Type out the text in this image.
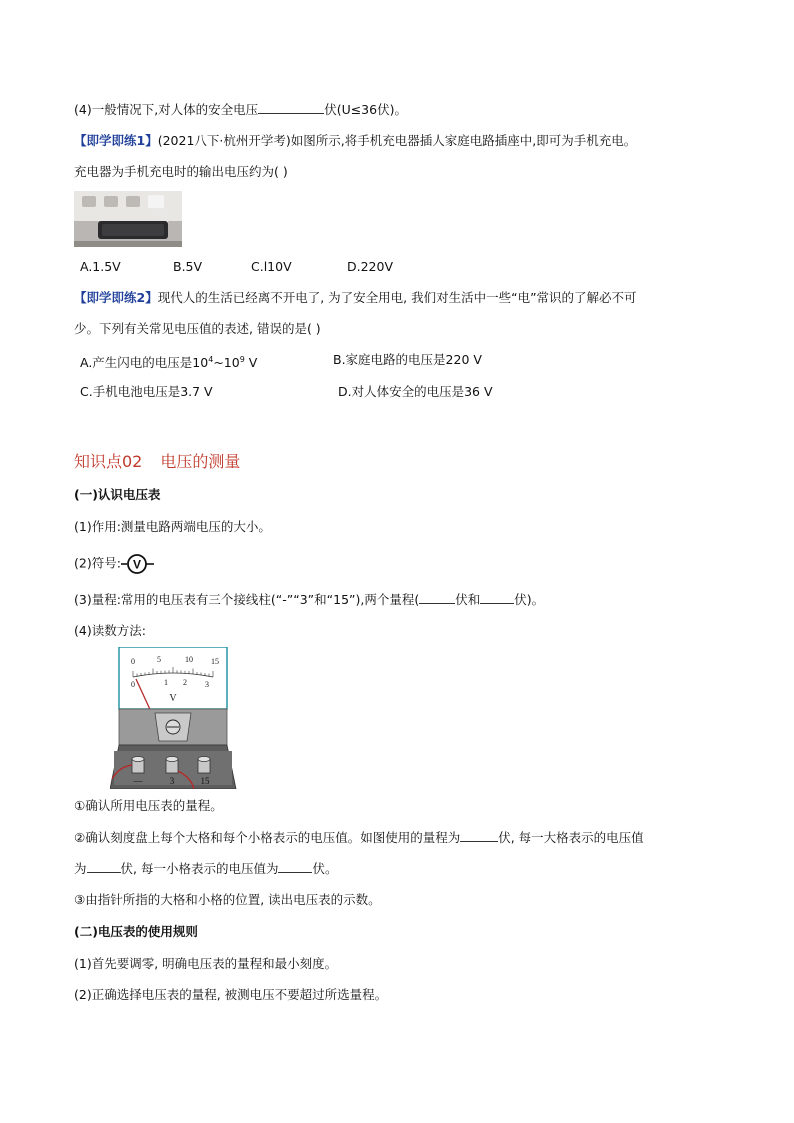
(4)一般情况下,对人体的安全电压	伏(U≤36伏)。
【即学即练1】(2021八下·杭州开学考)如图所示,将手机充电器插人家庭电路插座中,即可为手机充电。
充电器为手机充电时的输出电压约为( )
A.1.5V	B.5V	C.l10V	D.220V
【即学即练2】现代人的生活已经离不开电了, 为了安全用电, 我们对生活中一些“电”常识的了解必不可
少。下列有关常见电压值的表述, 错误的是( )
A.产生闪电的电压是$10^4\sim 10^9$ V	B.家庭电路的电压是220 V
C.手机电池电压是3.7 V	D.对人体安全的电压是36 V
知识点02 电压的测量
(一)认识电压表
(1)作用:测量电路两端电压的大小。
(2)符号: V
(3)量程:常用的电压表有三个接线柱(“-”“3”和“15”),两个量程(	伏和	伏)。
(4)读数方法:
0	5	10 15
0	1 2 3
V
—	3	15
①确认所用电压表的量程。
②确认刻度盘上每个大格和每个小格表示的电压值。如图使用的量程为	伏, 每一大格表示的电压值
为	伏, 每一小格表示的电压值为	伏。
③由指针所指的大格和小格的位置, 读出电压表的示数。
(二)电压表的使用规则
(1)首先要调零, 明确电压表的量程和最小刻度。
(2)正确选择电压表的量程, 被测电压不要超过所选量程。
